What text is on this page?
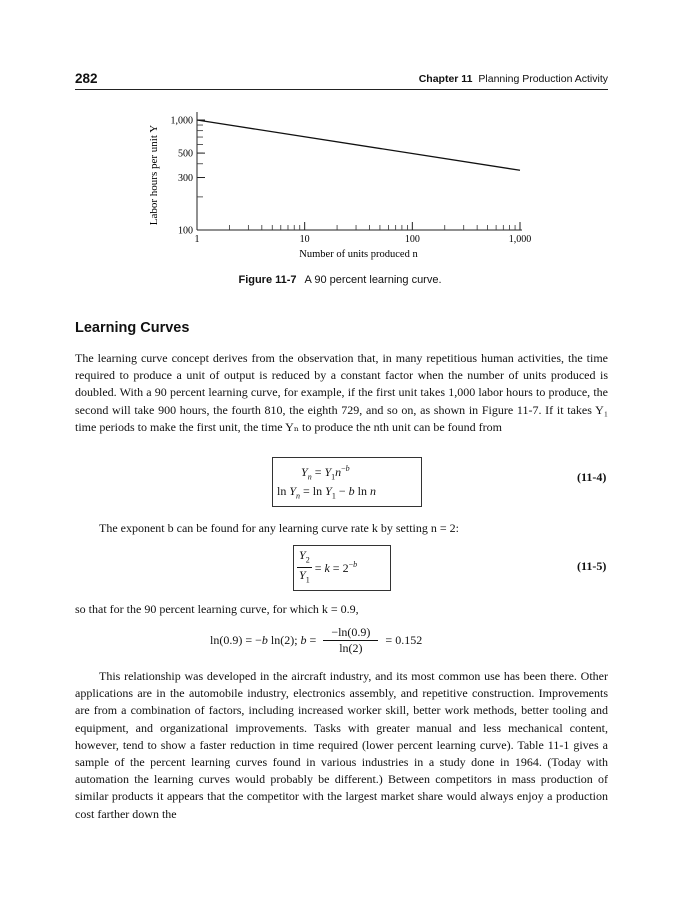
282	Chapter 11 Planning Production Activity
100
300
500
1,000
1	10	100	1,000
Labor hours per unit Y
Number of units produced n
Figure 11-7 A 90 percent learning curve.
Learning Curves

The learning curve concept derives from the observation that, in many repetitious human activities, the time required to produce a unit of output is reduced by a constant factor when the number of units produced is doubled. With a 90 percent learning curve, for example, if the first unit takes 1,000 labor hours to produce, the second will take 900 hours, the fourth 810, the eighth 729, and so on, as shown in Figure 11-7. If it takes Y₁ time periods to make the first unit, the time Yₙ to produce the nth unit can be found from

$Y_n = Y_1n^{-b}$
$\ln Y_n = \ln Y_1 - b$ ln n
(11-4)

The exponent b can be found for any learning curve rate k by setting n = 2:

$\frac{Y_2}{Y_1} = k = 2^{-b}$	(11-5)

so that for the 90 percent learning curve, for which k = 0.9,

ln(0.9) = −b ln(2); $b = \frac{-\ln(0.9)}{\ln(2)} = 0.152$

This relationship was developed in the aircraft industry, and its most common use has been there. Other applications are in the automobile industry, electronics assembly, and repetitive construction. Improvements are from a combination of factors, including increased worker skill, better work methods, better tooling and equipment, and organizational improvements. Tasks with greater manual and less mechanical content, however, tend to show a faster reduction in time required (lower percent learning curve). Table 11-1 gives a sample of the percent learning curves found in various industries in a study done in 1964. (Today with automation the learning curves would probably be different.) Between competitors in mass production of similar products it appears that the competitor with the largest market share would always enjoy a production cost farther down the
